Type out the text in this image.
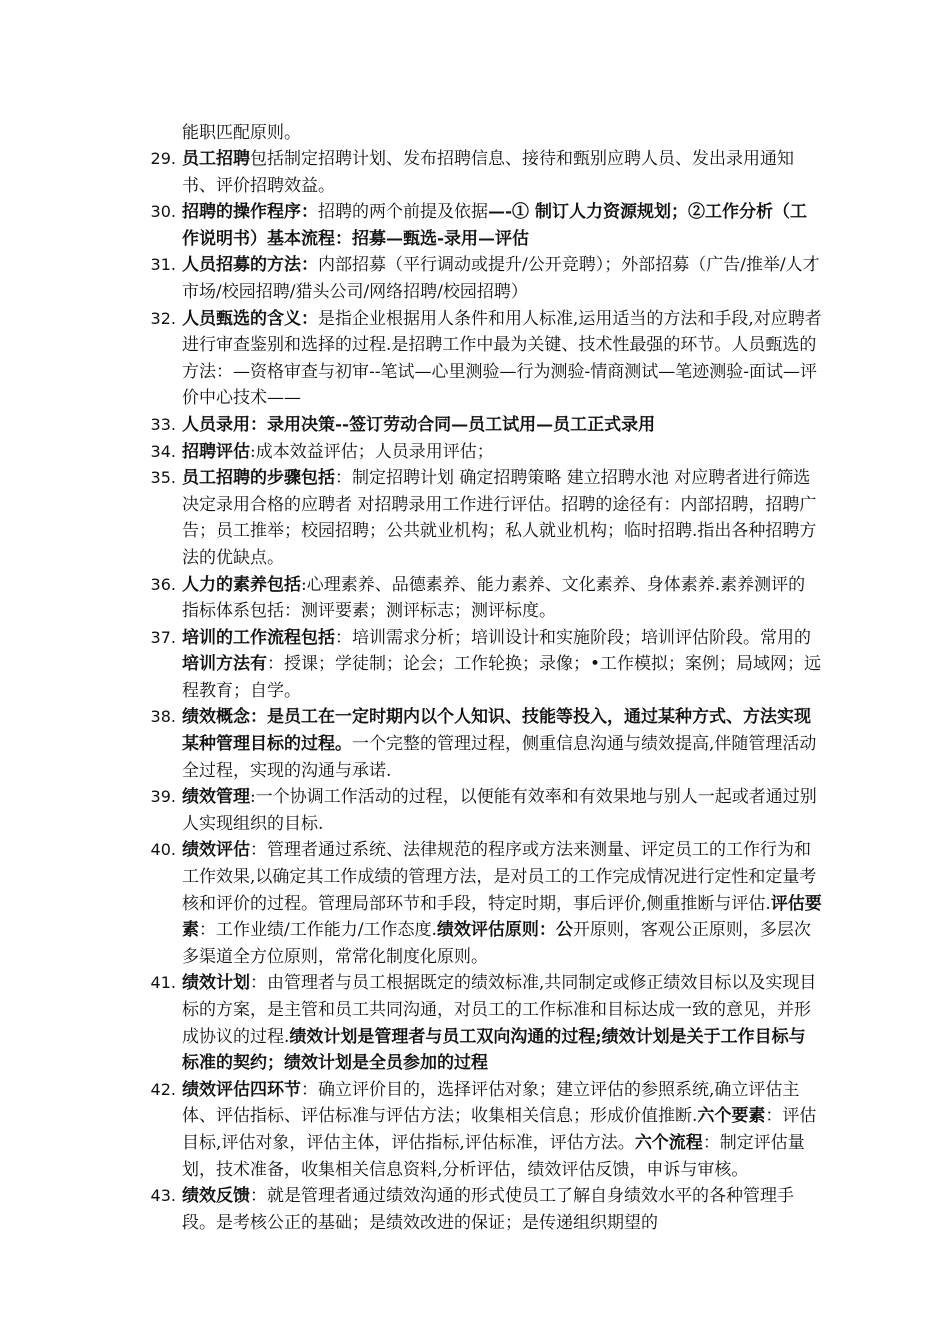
能职匹配原则。
29. 员工招聘包括制定招聘计划、发布招聘信息、接待和甄别应聘人员、发出录用通知书、评价招聘效益。
30. 招聘的操作程序：招聘的两个前提及依据—-① 制订人力资源规划；②工作分析（工作说明书）基本流程：招募—甄选-录用—评估
31. 人员招募的方法：内部招募（平行调动或提升/公开竞聘）；外部招募（广告/推举/人才市场/校园招聘/猎头公司/网络招聘/校园招聘）
32. 人员甄选的含义：是指企业根据用人条件和用人标准,运用适当的方法和手段,对应聘者进行审查鉴别和选择的过程.是招聘工作中最为关键、技术性最强的环节。人员甄选的方法：—资格审查与初审--笔试—心里测验—行为测验-情商测试—笔迹测验-面试—评价中心技术——
33. 人员录用：录用决策--签订劳动合同—员工试用—员工正式录用
34. 招聘评估:成本效益评估；人员录用评估；
35. 员工招聘的步骤包括：制定招聘计划 确定招聘策略 建立招聘水池 对应聘者进行筛选 决定录用合格的应聘者 对招聘录用工作进行评估。招聘的途径有：内部招聘，招聘广告；员工推举；校园招聘；公共就业机构；私人就业机构；临时招聘.指出各种招聘方法的优缺点。
36. 人力的素养包括:心理素养、品德素养、能力素养、文化素养、身体素养.素养测评的指标体系包括：测评要素；测评标志；测评标度。
37. 培训的工作流程包括：培训需求分析；培训设计和实施阶段；培训评估阶段。常用的培训方法有：授课；学徒制；论会；工作轮换；录像；•工作模拟；案例；局域网；远程教育；自学。
38. 绩效概念：是员工在一定时期内以个人知识、技能等投入，通过某种方式、方法实现某种管理目标的过程。一个完整的管理过程，侧重信息沟通与绩效提高,伴随管理活动全过程，实现的沟通与承诺.
39. 绩效管理:一个协调工作活动的过程，以便能有效率和有效果地与别人一起或者通过别人实现组织的目标.
40. 绩效评估：管理者通过系统、法律规范的程序或方法来测量、评定员工的工作行为和工作效果,以确定其工作成绩的管理方法，是对员工的工作完成情况进行定性和定量考核和评价的过程。管理局部环节和手段，特定时期，事后评价,侧重推断与评估.评估要素：工作业绩/工作能力/工作态度.绩效评估原则：公开原则，客观公正原则，多层次多渠道全方位原则，常常化制度化原则。
41. 绩效计划：由管理者与员工根据既定的绩效标准,共同制定或修正绩效目标以及实现目标的方案，是主管和员工共同沟通，对员工的工作标准和目标达成一致的意见，并形成协议的过程.绩效计划是管理者与员工双向沟通的过程;绩效计划是关于工作目标与标准的契约；绩效计划是全员参加的过程
42. 绩效评估四环节：确立评价目的，选择评估对象；建立评估的参照系统,确立评估主体、评估指标、评估标准与评估方法；收集相关信息；形成价值推断.六个要素：评估目标,评估对象，评估主体，评估指标,评估标准，评估方法。六个流程：制定评估量划，技术准备，收集相关信息资料,分析评估，绩效评估反馈，申诉与审核。
43. 绩效反馈：就是管理者通过绩效沟通的形式使员工了解自身绩效水平的各种管理手段。是考核公正的基础；是绩效改进的保证；是传递组织期望的
